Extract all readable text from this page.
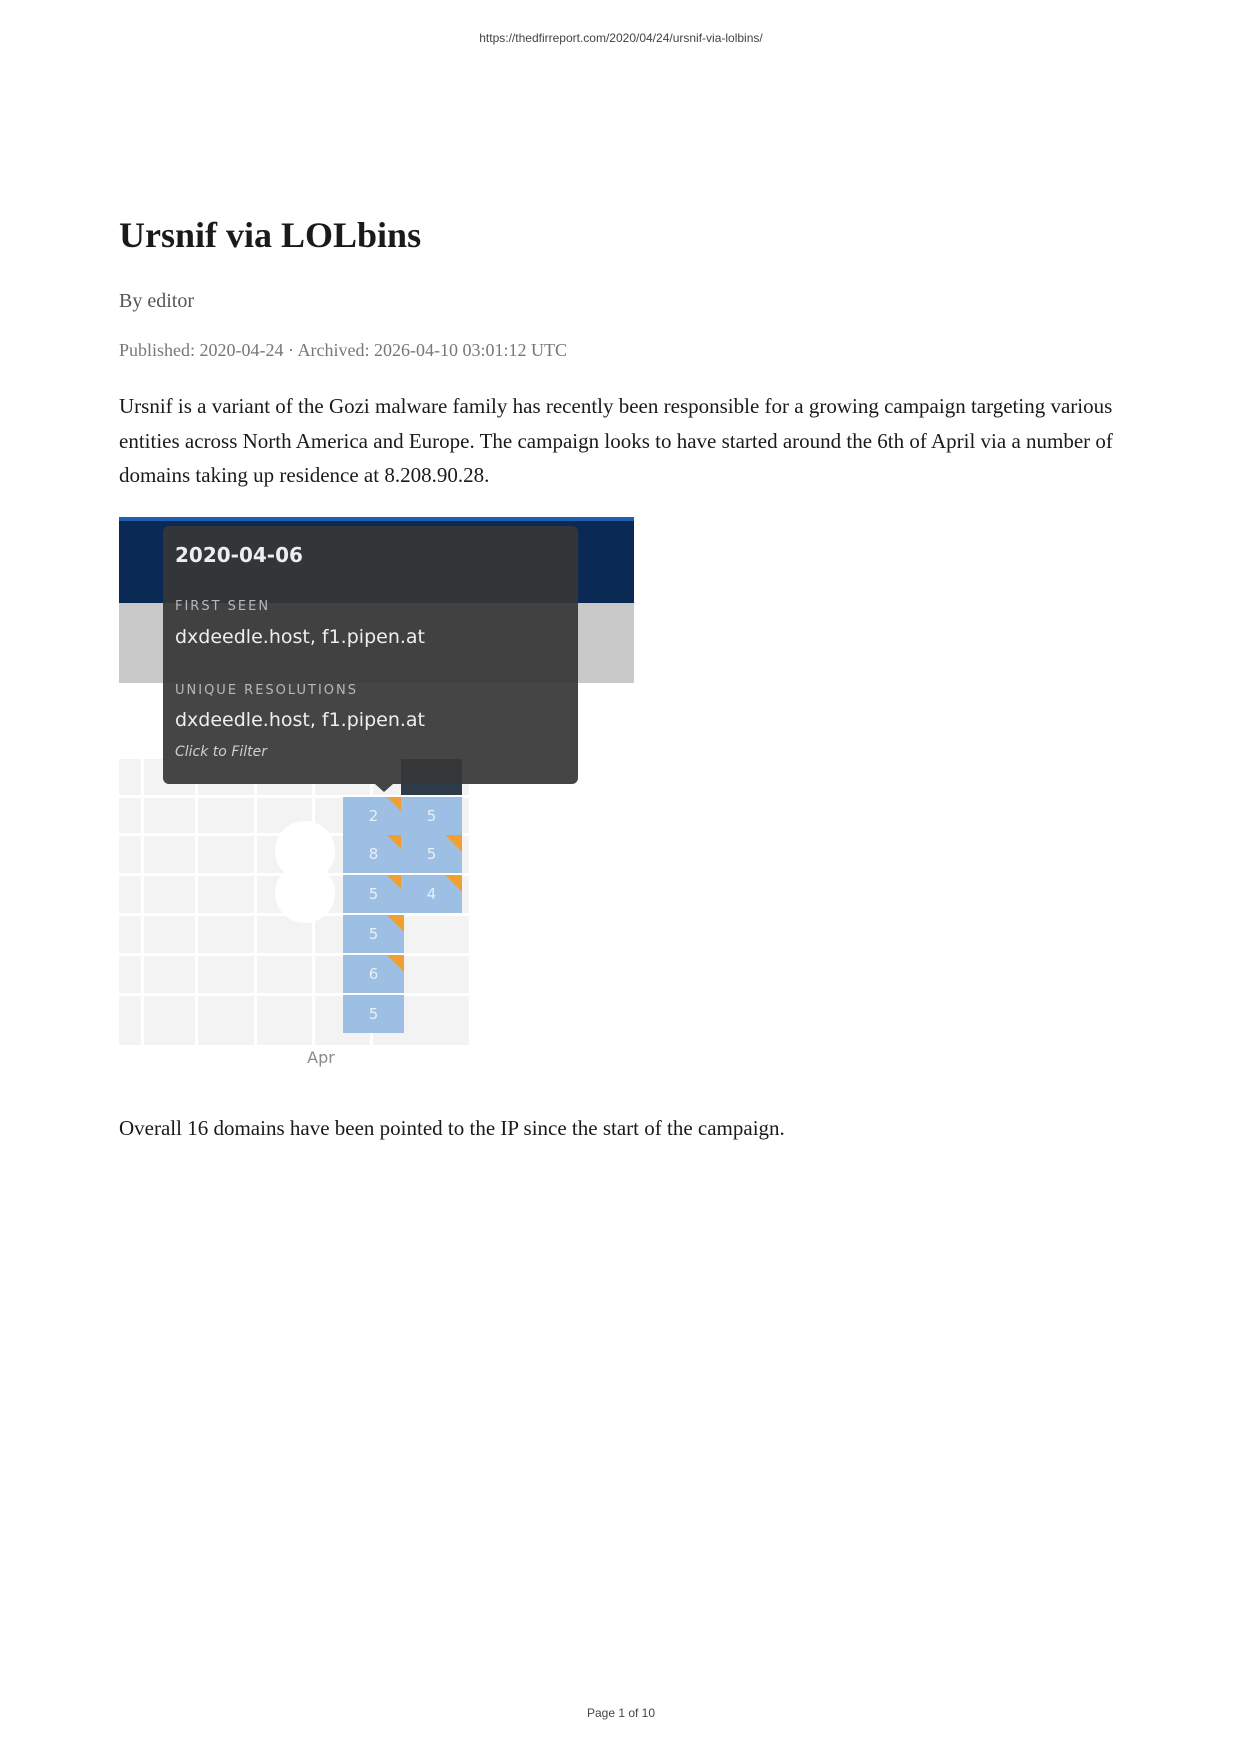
https://thedfirreport.com/2020/04/24/ursnif-via-lolbins/
Ursnif via LOLbins
By editor
Published: 2020-04-24 · Archived: 2026-04-10 03:01:12 UTC

Ursnif is a variant of the Gozi malware family has recently been responsible for a growing campaign targeting various entities across North America and Europe. The campaign looks to have started around the 6th of April via a number of domains taking up residence at 8.208.90.28.

2
8
5
5
6
5
5
5
4
Apr
2020-04-06
FIRST SEEN
dxdeedle.host, f1.pipen.at
UNIQUE RESOLUTIONS
dxdeedle.host, f1.pipen.at
Click to Filter

Overall 16 domains have been pointed to the IP since the start of the campaign.

Page 1 of 10
